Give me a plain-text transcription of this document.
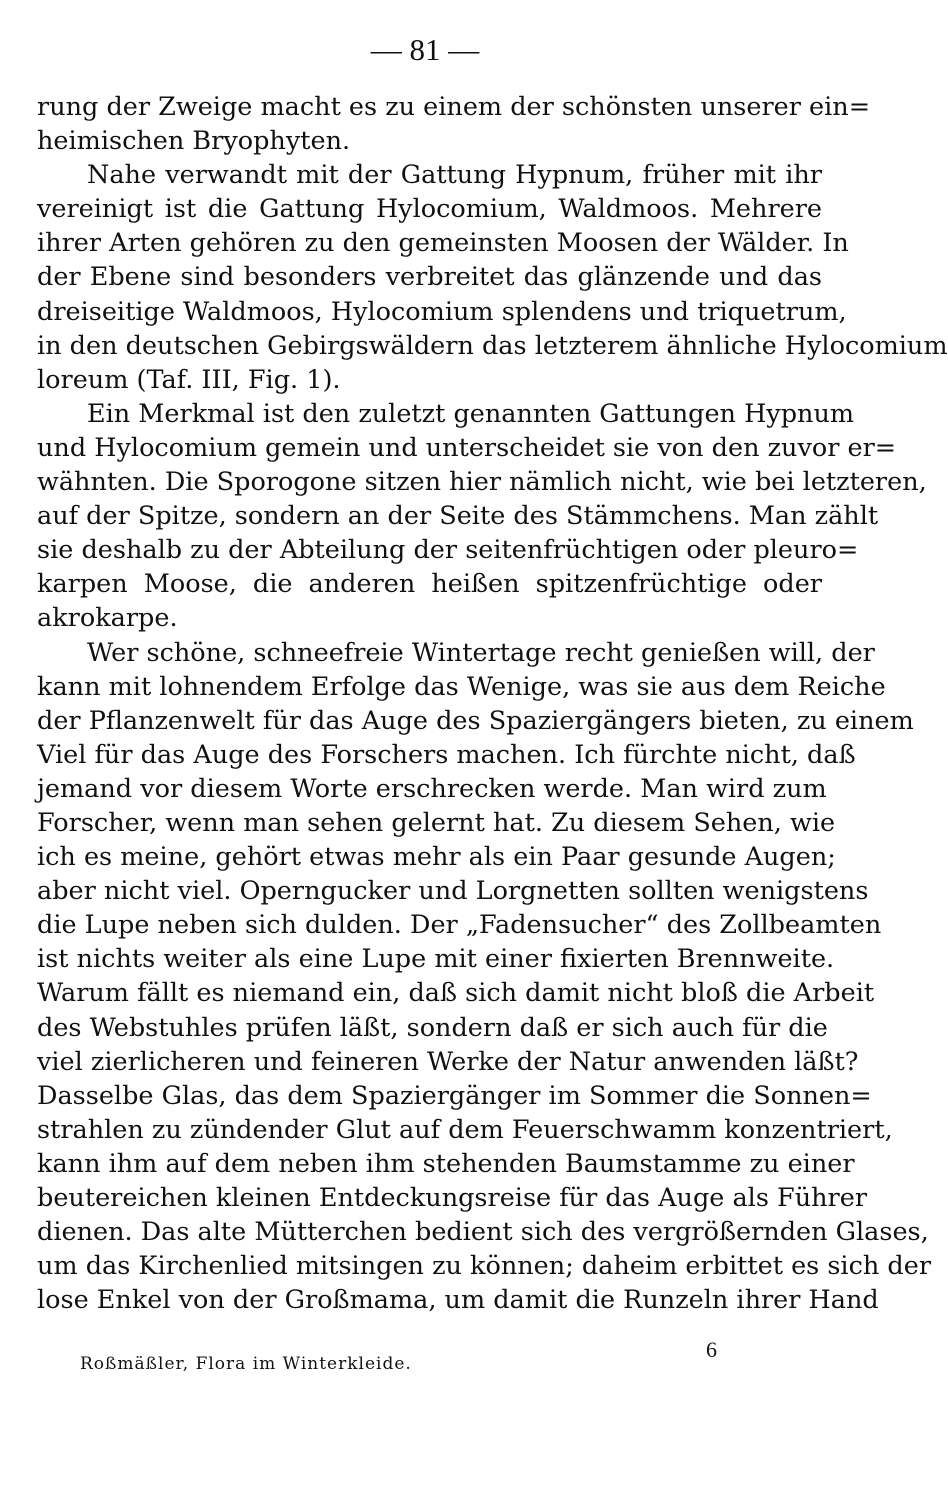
— 81 —
rung der Zweige macht es zu einem der schönsten unserer ein=
heimischen Bryophyten.
Nahe verwandt mit der Gattung Hypnum, früher mit ihr
vereinigt ist die Gattung Hylocomium, Waldmoos. Mehrere
ihrer Arten gehören zu den gemeinsten Moosen der Wälder. In
der Ebene sind besonders verbreitet das glänzende und das
dreiseitige Waldmoos, Hylocomium splendens und triquetrum,
in den deutschen Gebirgswäldern das letzterem ähnliche Hylocomium
loreum (Taf. III, Fig. 1).
Ein Merkmal ist den zuletzt genannten Gattungen Hypnum
und Hylocomium gemein und unterscheidet sie von den zuvor er=
wähnten. Die Sporogone sitzen hier nämlich nicht, wie bei letzteren,
auf der Spitze, sondern an der Seite des Stämmchens. Man zählt
sie deshalb zu der Abteilung der seitenfrüchtigen oder pleuro=
karpen Moose, die anderen heißen spitzenfrüchtige oder
akrokarpe.
Wer schöne, schneefreie Wintertage recht genießen will, der
kann mit lohnendem Erfolge das Wenige, was sie aus dem Reiche
der Pflanzenwelt für das Auge des Spaziergängers bieten, zu einem
Viel für das Auge des Forschers machen. Ich fürchte nicht, daß
jemand vor diesem Worte erschrecken werde. Man wird zum
Forscher, wenn man sehen gelernt hat. Zu diesem Sehen, wie
ich es meine, gehört etwas mehr als ein Paar gesunde Augen;
aber nicht viel. Operngucker und Lorgnetten sollten wenigstens
die Lupe neben sich dulden. Der „Fadensucher“ des Zollbeamten
ist nichts weiter als eine Lupe mit einer fixierten Brennweite.
Warum fällt es niemand ein, daß sich damit nicht bloß die Arbeit
des Webstuhles prüfen läßt, sondern daß er sich auch für die
viel zierlicheren und feineren Werke der Natur anwenden läßt?
Dasselbe Glas, das dem Spaziergänger im Sommer die Sonnen=
strahlen zu zündender Glut auf dem Feuerschwamm konzentriert,
kann ihm auf dem neben ihm stehenden Baumstamme zu einer
beutereichen kleinen Entdeckungsreise für das Auge als Führer
dienen. Das alte Mütterchen bedient sich des vergrößernden Glases,
um das Kirchenlied mitsingen zu können; daheim erbittet es sich der
lose Enkel von der Großmama, um damit die Runzeln ihrer Hand
6
Roßmäßler, Flora im Winterkleide.
